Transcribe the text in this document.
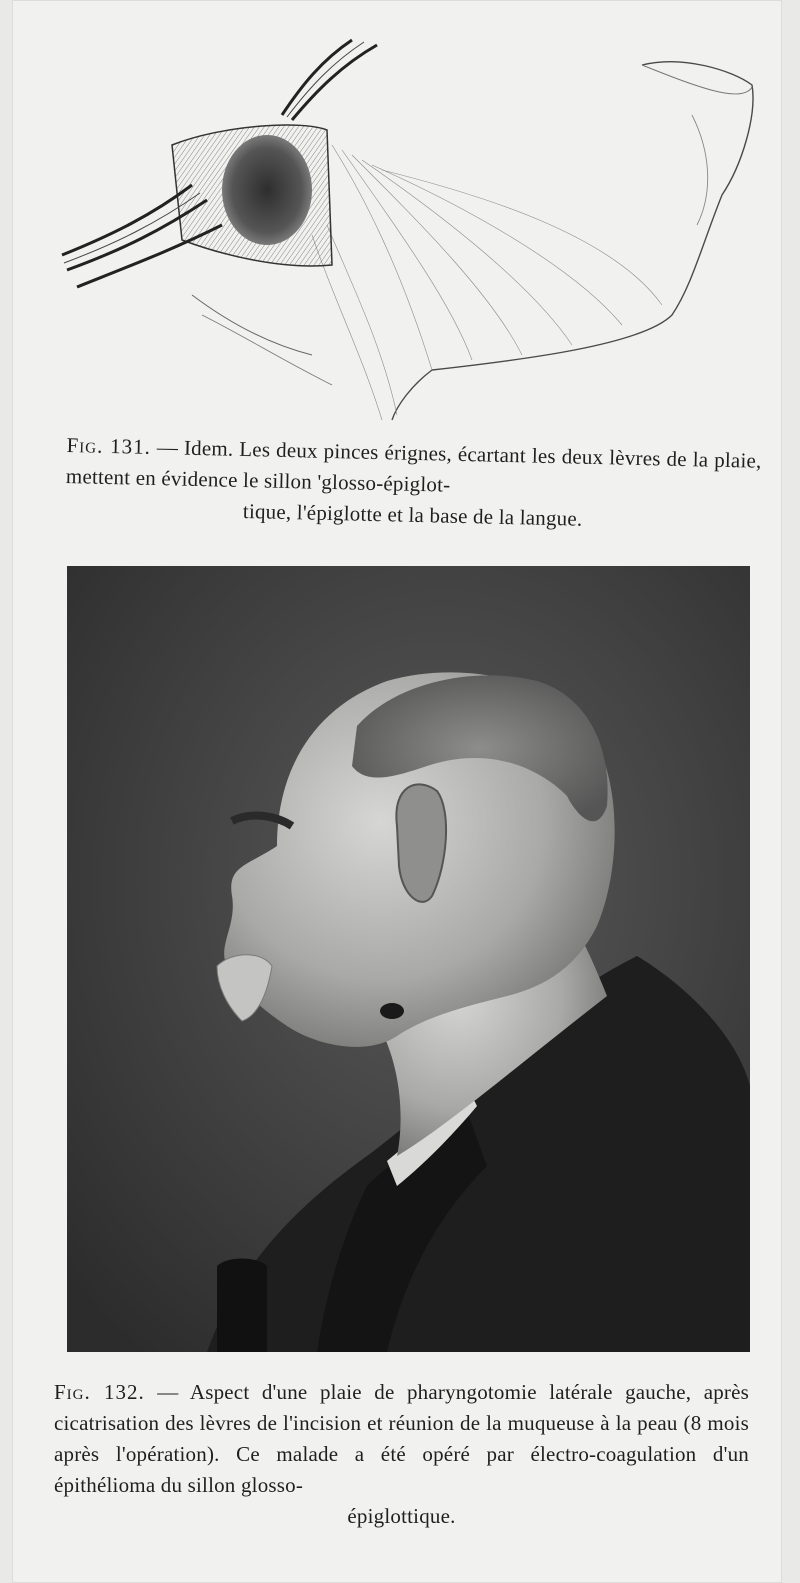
Fig. 131. — Idem. Les deux pinces érignes, écartant les deux lèvres de la plaie, mettent en évidence le sillon 'glosso-épiglot-
tique, l'épiglotte et la base de la langue.
Fig. 132. — Aspect d'une plaie de pharyngotomie latérale gauche, après cicatrisation des lèvres de l'incision et réunion de la muqueuse à la peau (8 mois après l'opération). Ce malade a été opéré par électro-coagulation d'un épithélioma du sillon glosso-
épiglottique.
